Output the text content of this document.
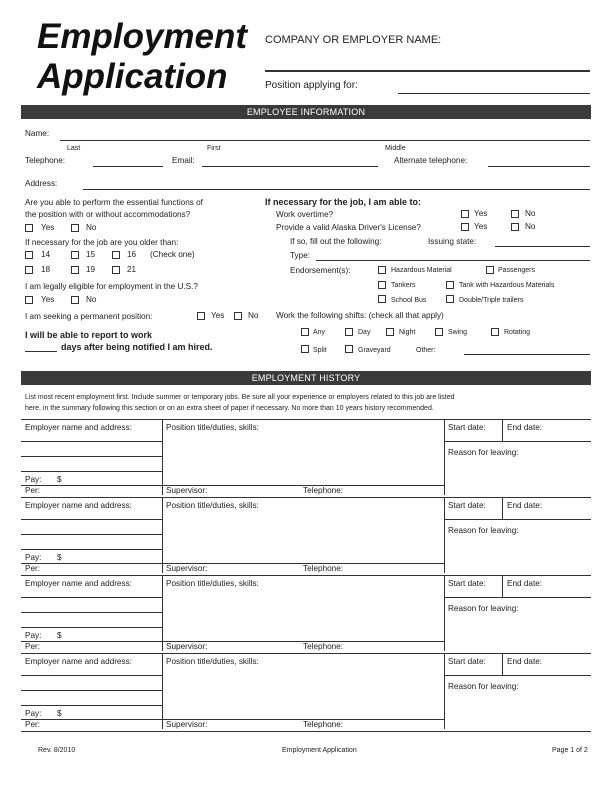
Employment
Application
COMPANY OR EMPLOYER NAME:
Position applying for:
EMPLOYEE INFORMATION
Name:
Last	First	Middle
Telephone:	Email:	Alternate telephone:
Address:
Are you able to perform the essential functions of
the position with or without accommodations?
Yes	No
If necessary for the job are you older than:
14	15	16 (Check one)
18	19	21
I am legally eligible for employment in the U.S.?
Yes	No
I am seeking a permanent position:	Yes	No
I will be able to report to work
days after being notified I am hired.
If necessary for the job, I am able to:
Work overtime?	Yes	No
Provide a valid Alaska Driver's License?	Yes	No
If so, fill out the following:	Issuing state:
Type:
Endorsement(s):	Hazardous Material	Passengers
Tankers	Tank with Hazardous Materials
School Bus	Double/Triple trailers
Work the following shifts: (check all that apply)
Any	Day	Night	Swing	Rotating
Split	Graveyard	Other:
EMPLOYMENT HISTORY
List most recent employment first. Include summer or temporary jobs. Be sure all your experience or employers related to this job are listed
here, in the summary following this section or on an extra sheet of paper if necessary. No more than 10 years history recommended.
Employer name and address:
Pay: $
Per:
Position title/duties, skills:
Supervisor:	Telephone:
Start date:	End date:
Reason for leaving:
Employer name and address:
Pay: $
Per:
Position title/duties, skills:
Supervisor:	Telephone:
Start date:	End date:
Reason for leaving:
Employer name and address:
Pay: $
Per:
Position title/duties, skills:
Supervisor:	Telephone:
Start date:	End date:
Reason for leaving:
Employer name and address:
Pay: $
Per:
Position title/duties, skills:
Supervisor:	Telephone:
Start date:	End date:
Reason for leaving:
Rev. 8/2010	Employment Application	Page 1 of 2
